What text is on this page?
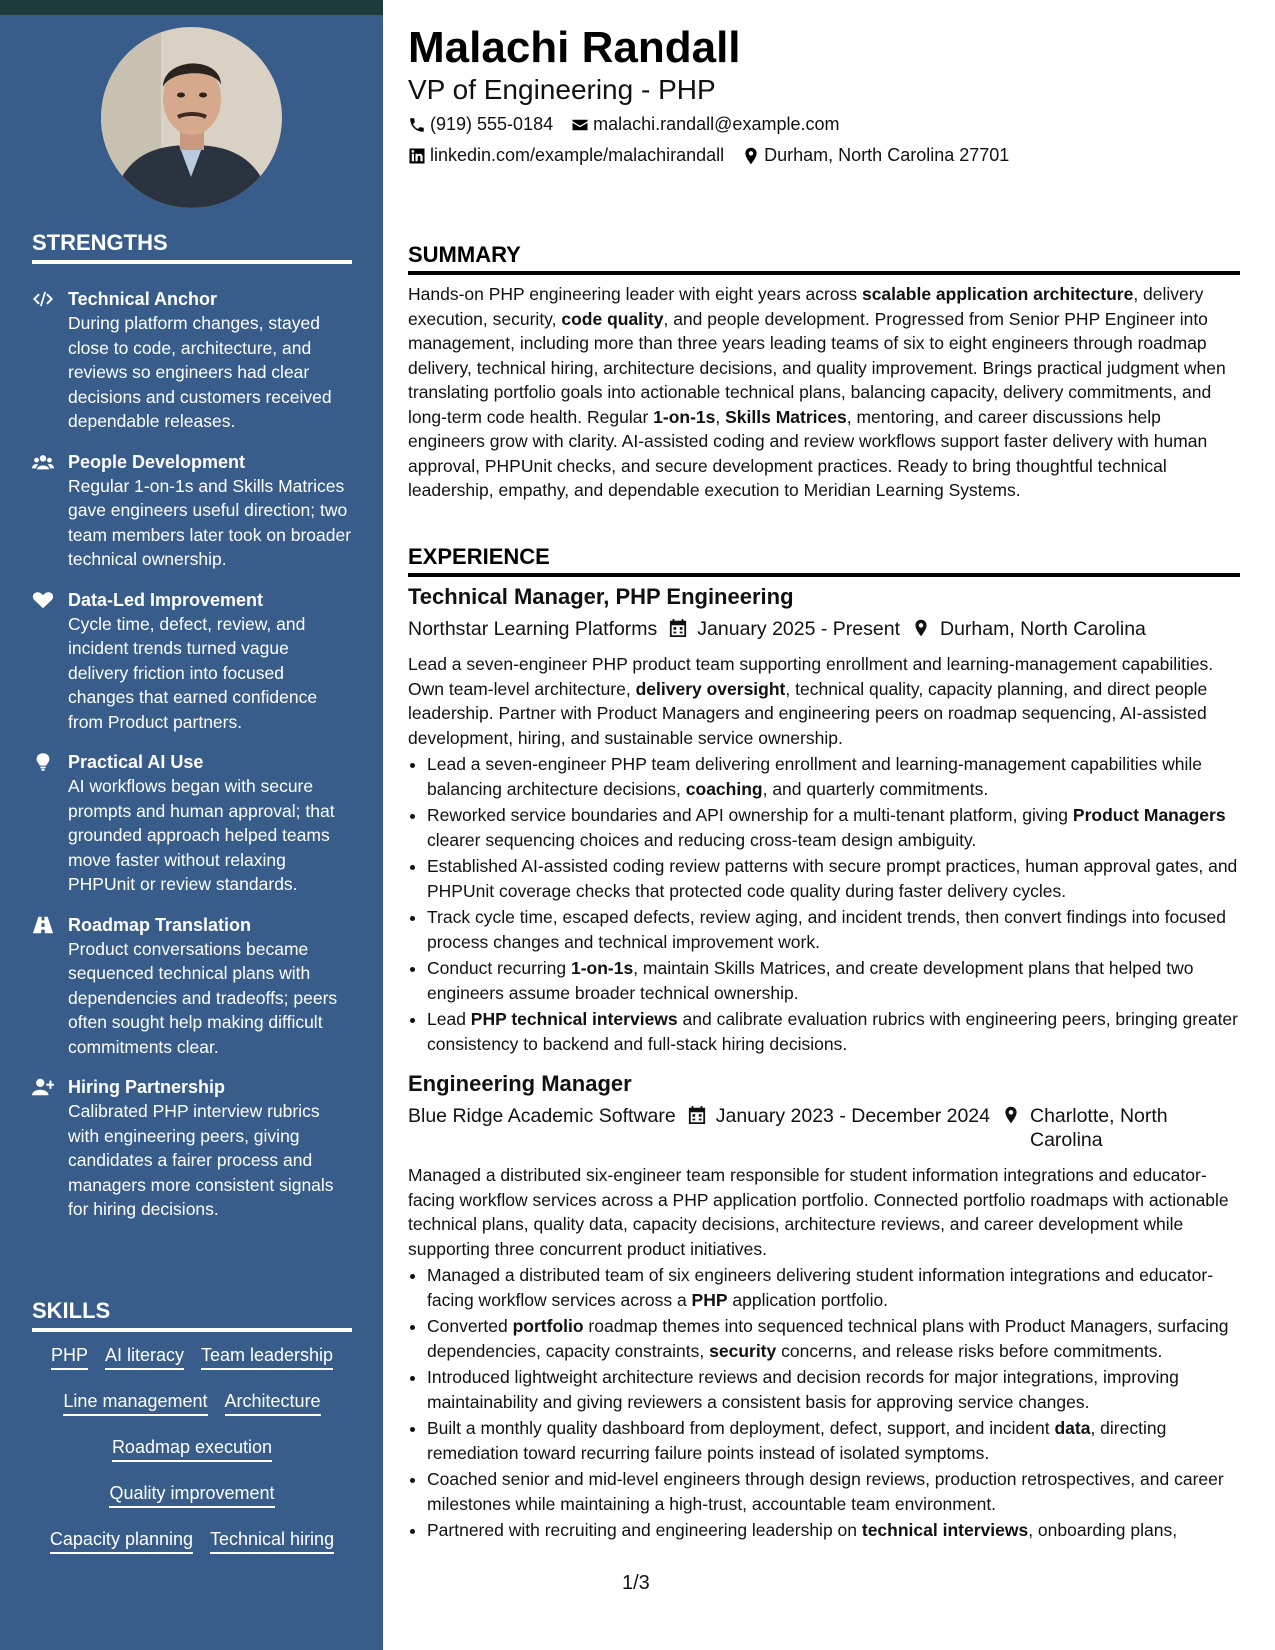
STRENGTHS
Technical Anchor
During platform changes, stayed close to code, architecture, and reviews so engineers had clear decisions and customers received dependable releases.
People Development
Regular 1-on-1s and Skills Matrices gave engineers useful direction; two team members later took on broader technical ownership.
Data-Led Improvement
Cycle time, defect, review, and incident trends turned vague delivery friction into focused changes that earned confidence from Product partners.
Practical AI Use
AI workflows began with secure prompts and human approval; that grounded approach helped teams move faster without relaxing PHPUnit or review standards.
Roadmap Translation
Product conversations became sequenced technical plans with dependencies and tradeoffs; peers often sought help making difficult commitments clear.
Hiring Partnership
Calibrated PHP interview rubrics with engineering peers, giving candidates a fairer process and managers more consistent signals for hiring decisions.
SKILLS
PHP AI literacy Team leadership
Line management Architecture
Roadmap execution
Quality improvement
Capacity planning Technical hiring
Malachi Randall
VP of Engineering - PHP
(919) 555-0184 malachi.randall@example.com
linkedin.com/example/malachirandall Durham, North Carolina 27701
SUMMARY
Hands-on PHP engineering leader with eight years across scalable application architecture, delivery execution, security, code quality, and people development. Progressed from Senior PHP Engineer into management, including more than three years leading teams of six to eight engineers through roadmap delivery, technical hiring, architecture decisions, and quality improvement. Brings practical judgment when translating portfolio goals into actionable technical plans, balancing capacity, delivery commitments, and long-term code health. Regular 1-on-1s, Skills Matrices, mentoring, and career discussions help engineers grow with clarity. AI-assisted coding and review workflows support faster delivery with human approval, PHPUnit checks, and secure development practices. Ready to bring thoughtful technical leadership, empathy, and dependable execution to Meridian Learning Systems.
EXPERIENCE
Technical Manager, PHP Engineering
Northstar Learning Platforms January 2025 - Present Durham, North Carolina
Lead a seven-engineer PHP product team supporting enrollment and learning-management capabilities. Own team-level architecture, delivery oversight, technical quality, capacity planning, and direct people leadership. Partner with Product Managers and engineering peers on roadmap sequencing, AI-assisted development, hiring, and sustainable service ownership.
• Lead a seven-engineer PHP team delivering enrollment and learning-management capabilities while balancing architecture decisions, coaching, and quarterly commitments.
• Reworked service boundaries and API ownership for a multi-tenant platform, giving Product Managers clearer sequencing choices and reducing cross-team design ambiguity.
• Established AI-assisted coding review patterns with secure prompt practices, human approval gates, and PHPUnit coverage checks that protected code quality during faster delivery cycles.
• Track cycle time, escaped defects, review aging, and incident trends, then convert findings into focused process changes and technical improvement work.
• Conduct recurring 1-on-1s, maintain Skills Matrices, and create development plans that helped two engineers assume broader technical ownership.
• Lead PHP technical interviews and calibrate evaluation rubrics with engineering peers, bringing greater consistency to backend and full-stack hiring decisions.
Engineering Manager
Blue Ridge Academic Software January 2023 - December 2024 Charlotte, North Carolina
Managed a distributed six-engineer team responsible for student information integrations and educator-facing workflow services across a PHP application portfolio. Connected portfolio roadmaps with actionable technical plans, quality data, capacity decisions, architecture reviews, and career development while supporting three concurrent product initiatives.
• Managed a distributed team of six engineers delivering student information integrations and educator-facing workflow services across a PHP application portfolio.
• Converted portfolio roadmap themes into sequenced technical plans with Product Managers, surfacing dependencies, capacity constraints, security concerns, and release risks before commitments.
• Introduced lightweight architecture reviews and decision records for major integrations, improving maintainability and giving reviewers a consistent basis for approving service changes.
• Built a monthly quality dashboard from deployment, defect, support, and incident data, directing remediation toward recurring failure points instead of isolated symptoms.
• Coached senior and mid-level engineers through design reviews, production retrospectives, and career milestones while maintaining a high-trust, accountable team environment.
• Partnered with recruiting and engineering leadership on technical interviews, onboarding plans,
1/3
